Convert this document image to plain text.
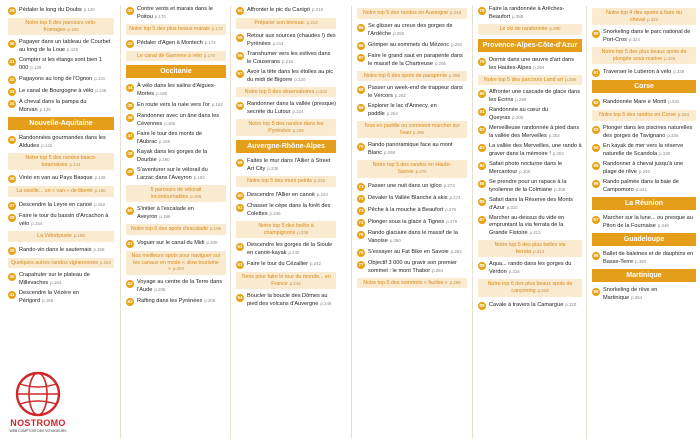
29 Pédaler le long du Doubs p.120
Notre top 5 des parcours vélo-fromages p.150
30 Pagayer dans un tableau de Courbet au long de la Loue p.126
31 Compter si les étangs sont bien 1 000 p.129
32 Pagayons au long de l'Ognon p.131
33 Le canal de Bourgogne à vélo p.135
34 À cheval dans la pampa du Morvan p.136
Nouvelle-Aquitaine
35 Randonnées gourmandes dans les Aldudes p.142
Notre top 5 des randos basco-béarnaises p.144
36 Virée en van au Pays Basque p.146
La vanille... un « van » de liberté p.150
37 Descendre la Leyre en canoë p.152
38 Faire le tour du bassin d'Arcachon à vélo p.154
La Vélodyssée p.156
39 Rando-vin dans le sauternais p.158
Quelques autres randos vigneronnes p.162
40 Crapahuter sur le plateau de Millevaches p.164
41 Descendre la Vézère en Périgord p.166
42 Contre vents et marais dans le Poitou p.170
Notre top 5 des plus beaux marais p.172
43 Pédaler d'Agen à Montech p.174
Le canal de Garonne à vélo p.176
Occitanie
44 À vélo dans les salins d'Aigues-Mortes p.180
45 En route vers la ruée vers l'or p.182
46 Randonner avec un âne dans les Cévennes p.186
47 Faire le tour des monts de l'Aubrac p.188
48 Kayak dans les gorges de la Dourbie p.190
49 S'aventurer sur le vélorail du Larzac dans l'Aveyron p.192
5 parcours de vélorail incontournables p.195
50 S'initier à l'escalade en Aveyron p.196
Notre top 6 des spots d'escalade p.199
51 Voguer sur le canal du Midi p.200
Nos meilleurs spots pour naviguer sur les canaux en mode « slow tourisme » p.204
52 Voyage au centre de la Terre dans l'Aude p.206
53 Rafting dans les Pyrénées p.208
54 Affronter le pic du Canigó p.210
Préparer son bivouac p.212
55 Retour aux sources (chaudes !) des Pyrénées p.214
56 Transhumer vers les estives dans le Couserans p.216
57 Avoir la tête dans les étoiles au pic du midi de Bigorre p.220
Notre top 5 des observatoires p.222
58 Randonner dans la vallée (presque) secrète du Lutour p.224
Notre top 5 des randos dans les Pyrénées p.226
Auvergne-Rhône-Alpes
59 Faites le mur dans l'Allier à Street Art City p.230
Notre top 5 des murs peints p.232
60 Descendre l'Allier en canoë p.234
61 Chasser le cèpe dans la forêt des Colettes p.236
Notre top 5 des forêts à champignons p.238
62 Descendre les gorges de la Sioule en canoë-kayak p.240
63 Faire le tour du Cézallier p.242
Tiens pour faire le tour du monde... en France p.244
64 Boucler la boucle des Dômes au pied des volcans d'Auvergne p.246
Notre top 5 des randos en Auvergne p.248
65 Se glisser au creux des gorges de l'Ardèche p.250
66 Grimper au sommets du Mézenc p.252
67 Faire le grand saut en parapente dans le massif de la Chartreuse p.256
Notre top 6 des spots de parapente p.258
68 Passer un week-end de trappeur dans le Vercors p.262
69 Explorer le lac d'Annecy, en paddle p.264
Tous en paddle ou comment marcher sur l'eau p.266
70 Rando panoramique face au mont Blanc p.268
Notre top 5 des randos en Haute-Savoie p.270
71 Passer une nuit dans un igloo p.272
72 Dévaler la Vallée Blanche à skis p.274
73 Pêche à la mouche à Beaufort p.276
74 Plonger sous la glace à Tignes p.278
75 Rando glaciaire dans le massif de la Vanoise p.280
76 S'essayer au Fat Bike en Savoie p.282
77 Objectif 3 000 ou gravir son premier sommet : le mont Thabor p.284
Notre top 5 des sommets « faciles » p.286
78 Faire la randonnée à Arêches-Beaufort p.288
Le ski de randonnée p.290
Provence-Alpes-Côte-d'Azur
79 Dormir dans une œuvre d'art dans les Hautes-Alpes p.294
Notre top 5 des parcours Land art p.296
80 Affronter une cascade de glace dans les Écrins p.298
81 Randonnée au cœur du Queyras p.300
82 Merveilleuse randonnée à pied dans la vallée des Merveilles p.302
83 La vallée des Merveilles, une rando à graver dans la mémoire ! p.304
84 Safari photo nocturne dans le Mercantour p.306
85 Se prendre pour un rapace à la tyrolienne de la Colmiane p.308
86 Safari dans la Réserve des Monts d'Azur p.310
87 Marcher au-dessus du vide en empruntant la via ferrata de la Grande Fistoire p.312
Notre top 5 des plus belles via ferrata p.314
88 Aqua... rando dans les gorges du Verdon p.316
Notre top 6 des plus beaux spots de canyoning p.318
89 Cavale à travers la Camargue p.320
Notre top 4 des sports à faire du cheval p.322
90 Snorkeling dans le parc national de Port-Cros p.324
Notre top 5 des plus beaux spots de plongée sous-marine p.326
91 Traverser le Luberon à vélo p.328
Corse
92 Randonnée Mare e Monti p.332
Notre top 5 des randos en Corse p.334
93 Plonger dans les piscines naturelles des gorges de Tavignano p.336
94 En kayak de mer vers la réserve naturelle de Scandola p.338
95 Randonner à cheval jusqu'à une plage de rêve p.340
96 Rando palmée dans la baie de Campomoro p.342
La Réunion
97 Marcher sur la lune... ou presque au Piton de la Fournaise p.346
Guadeloupe
98 Ballet de baleines et de dauphins en Basse-Terre p.350
Martinique
99 Snorkeling de rêve en Martinique p.354
NOSTROMO
WEB COMPTOIR DES VOYAGEURS
